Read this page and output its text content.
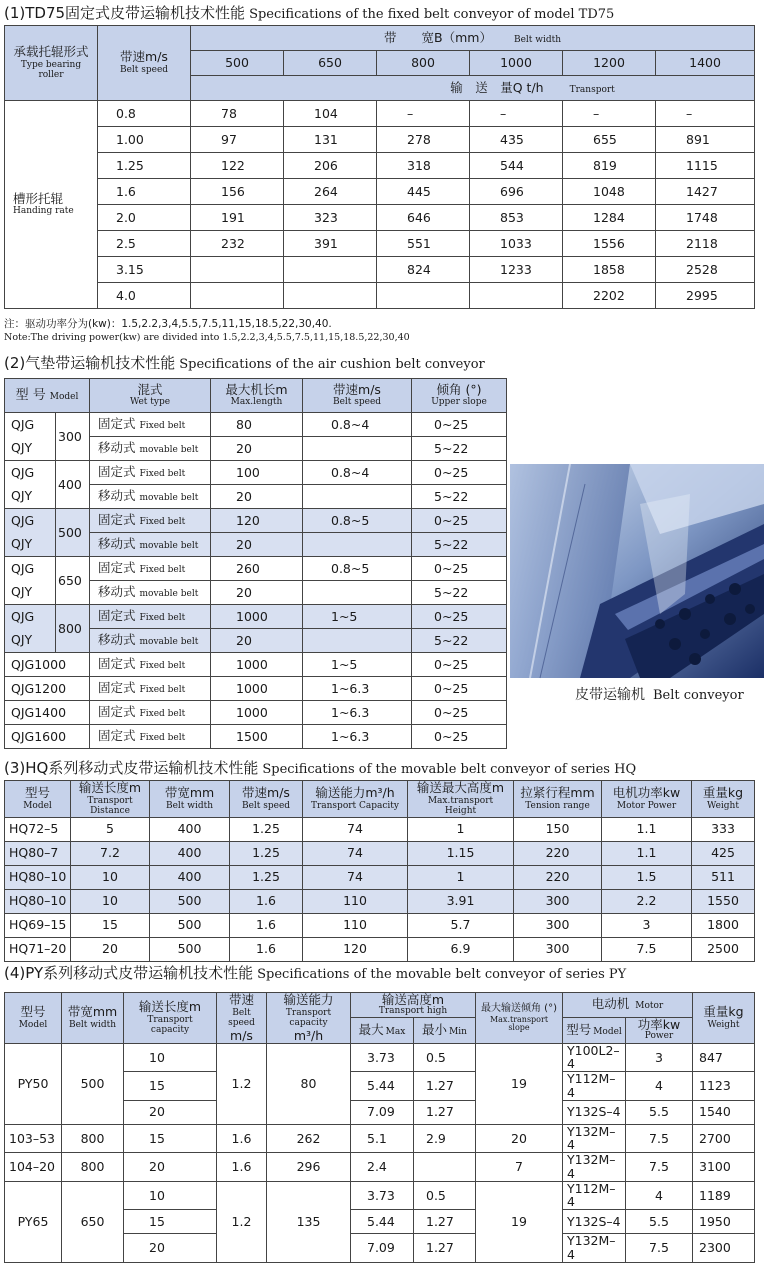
(1)TD75固定式皮带运输机技术性能 Specifications of the fixed belt conveyor of model TD75
承载托辊形式
Type bearing roller	带速m/s
Belt speed	带　　宽B（mm） Belt width					
		500	650	800	1000	1200	1400
		输　送　量Q t/h Transport					

槽形托辊
Handing rate	0.8	78	104	–	–	–	–
	1.00	97	131	278	435	655	891
	1.25	122	206	318	544	819	1115
	1.6	156	264	445	696	1048	1427
	2.0	191	323	646	853	1284	1748
	2.5	232	391	551	1033	1556	2118
	3.15			824	1233	1858	2528
	4.0					2202	2995
注：驱动功率分为(kw)：1.5,2.2,3,4,5.5,7.5,11,15,18.5,22,30,40.
Note:The driving power(kw) are divided into 1.5,2.2,3,4,5.5,7.5,11,15,18.5,22,30,40
(2)气垫带运输机技术性能 Specifications of the air cushion belt conveyor
型 号 Model		混式
Wet type	最大机长m
Max.length	带速m/s
Belt speed	倾角 (°)
Upper slope

QJG	300	固定式 Fixed belt	80	0.8~4	0~25
QJY		移动式 movable belt	20		5~22
QJG	400	固定式 Fixed belt	100	0.8~4	0~25
QJY		移动式 movable belt	20		5~22
QJG	500	固定式 Fixed belt	120	0.8~5	0~25
QJY		移动式 movable belt	20		5~22
QJG	650	固定式 Fixed belt	260	0.8~5	0~25
QJY		移动式 movable belt	20		5~22
QJG	800	固定式 Fixed belt	1000	1~5	0~25
QJY		移动式 movable belt	20		5~22
QJG1000		固定式 Fixed belt	1000	1~5	0~25
QJG1200		固定式 Fixed belt	1000	1~6.3	0~25
QJG1400		固定式 Fixed belt	1000	1~6.3	0~25
QJG1600		固定式 Fixed belt	1500	1~6.3	0~25
皮带运输机 Belt conveyor
(3)HQ系列移动式皮带运输机技术性能 Specifications of the movable belt conveyor of series HQ
型号
Model	输送长度m
Transport Distance	带宽mm
Belt width	带速m/s
Belt speed	输送能力m³/h
Transport Capacity	输送最大高度m
Max.transport Height	拉紧行程mm
Tension range	电机功率kw
Motor Power	重量kg
Weight

HQ72–5	5	400	1.25	74	1	150	1.1	333
HQ80–7	7.2	400	1.25	74	1.15	220	1.1	425
HQ80–10	10	400	1.25	74	1	220	1.5	511
HQ80–10	10	500	1.6	110	3.91	300	2.2	1550
HQ69–15	15	500	1.6	110	5.7	300	3	1800
HQ71–20	20	500	1.6	120	6.9	300	7.5	2500
(4)PY系列移动式皮带运输机技术性能 Specifications of the movable belt conveyor of series PY
型号
Model	带宽mm
Belt width	输送长度m
Transport capacity	带速
Belt speed
m/s	输送能力
Transport capacity
m³/h	输送高度m
Transport high		最大输送倾角 (°)
Max.transport slope	电动机 Motor		重量kg
Weight

					最大 Max	最小 Min		型号 Model	功率kw
Power	

PY50	500	10	1.2	80	3.73	0.5	19	Y100L2–4	3	847
		15			5.44	1.27		Y112M–4	4	1123
		20			7.09	1.27		Y132S–4	5.5	1540
103–53	800	15	1.6	262	5.1	2.9	20	Y132M–4	7.5	2700
104–20	800	20	1.6	296	2.4		7	Y132M–4	7.5	3100
PY65	650	10	1.2	135	3.73	0.5	19	Y112M–4	4	1189
		15			5.44	1.27		Y132S–4	5.5	1950
		20			7.09	1.27		Y132M–4	7.5	2300
